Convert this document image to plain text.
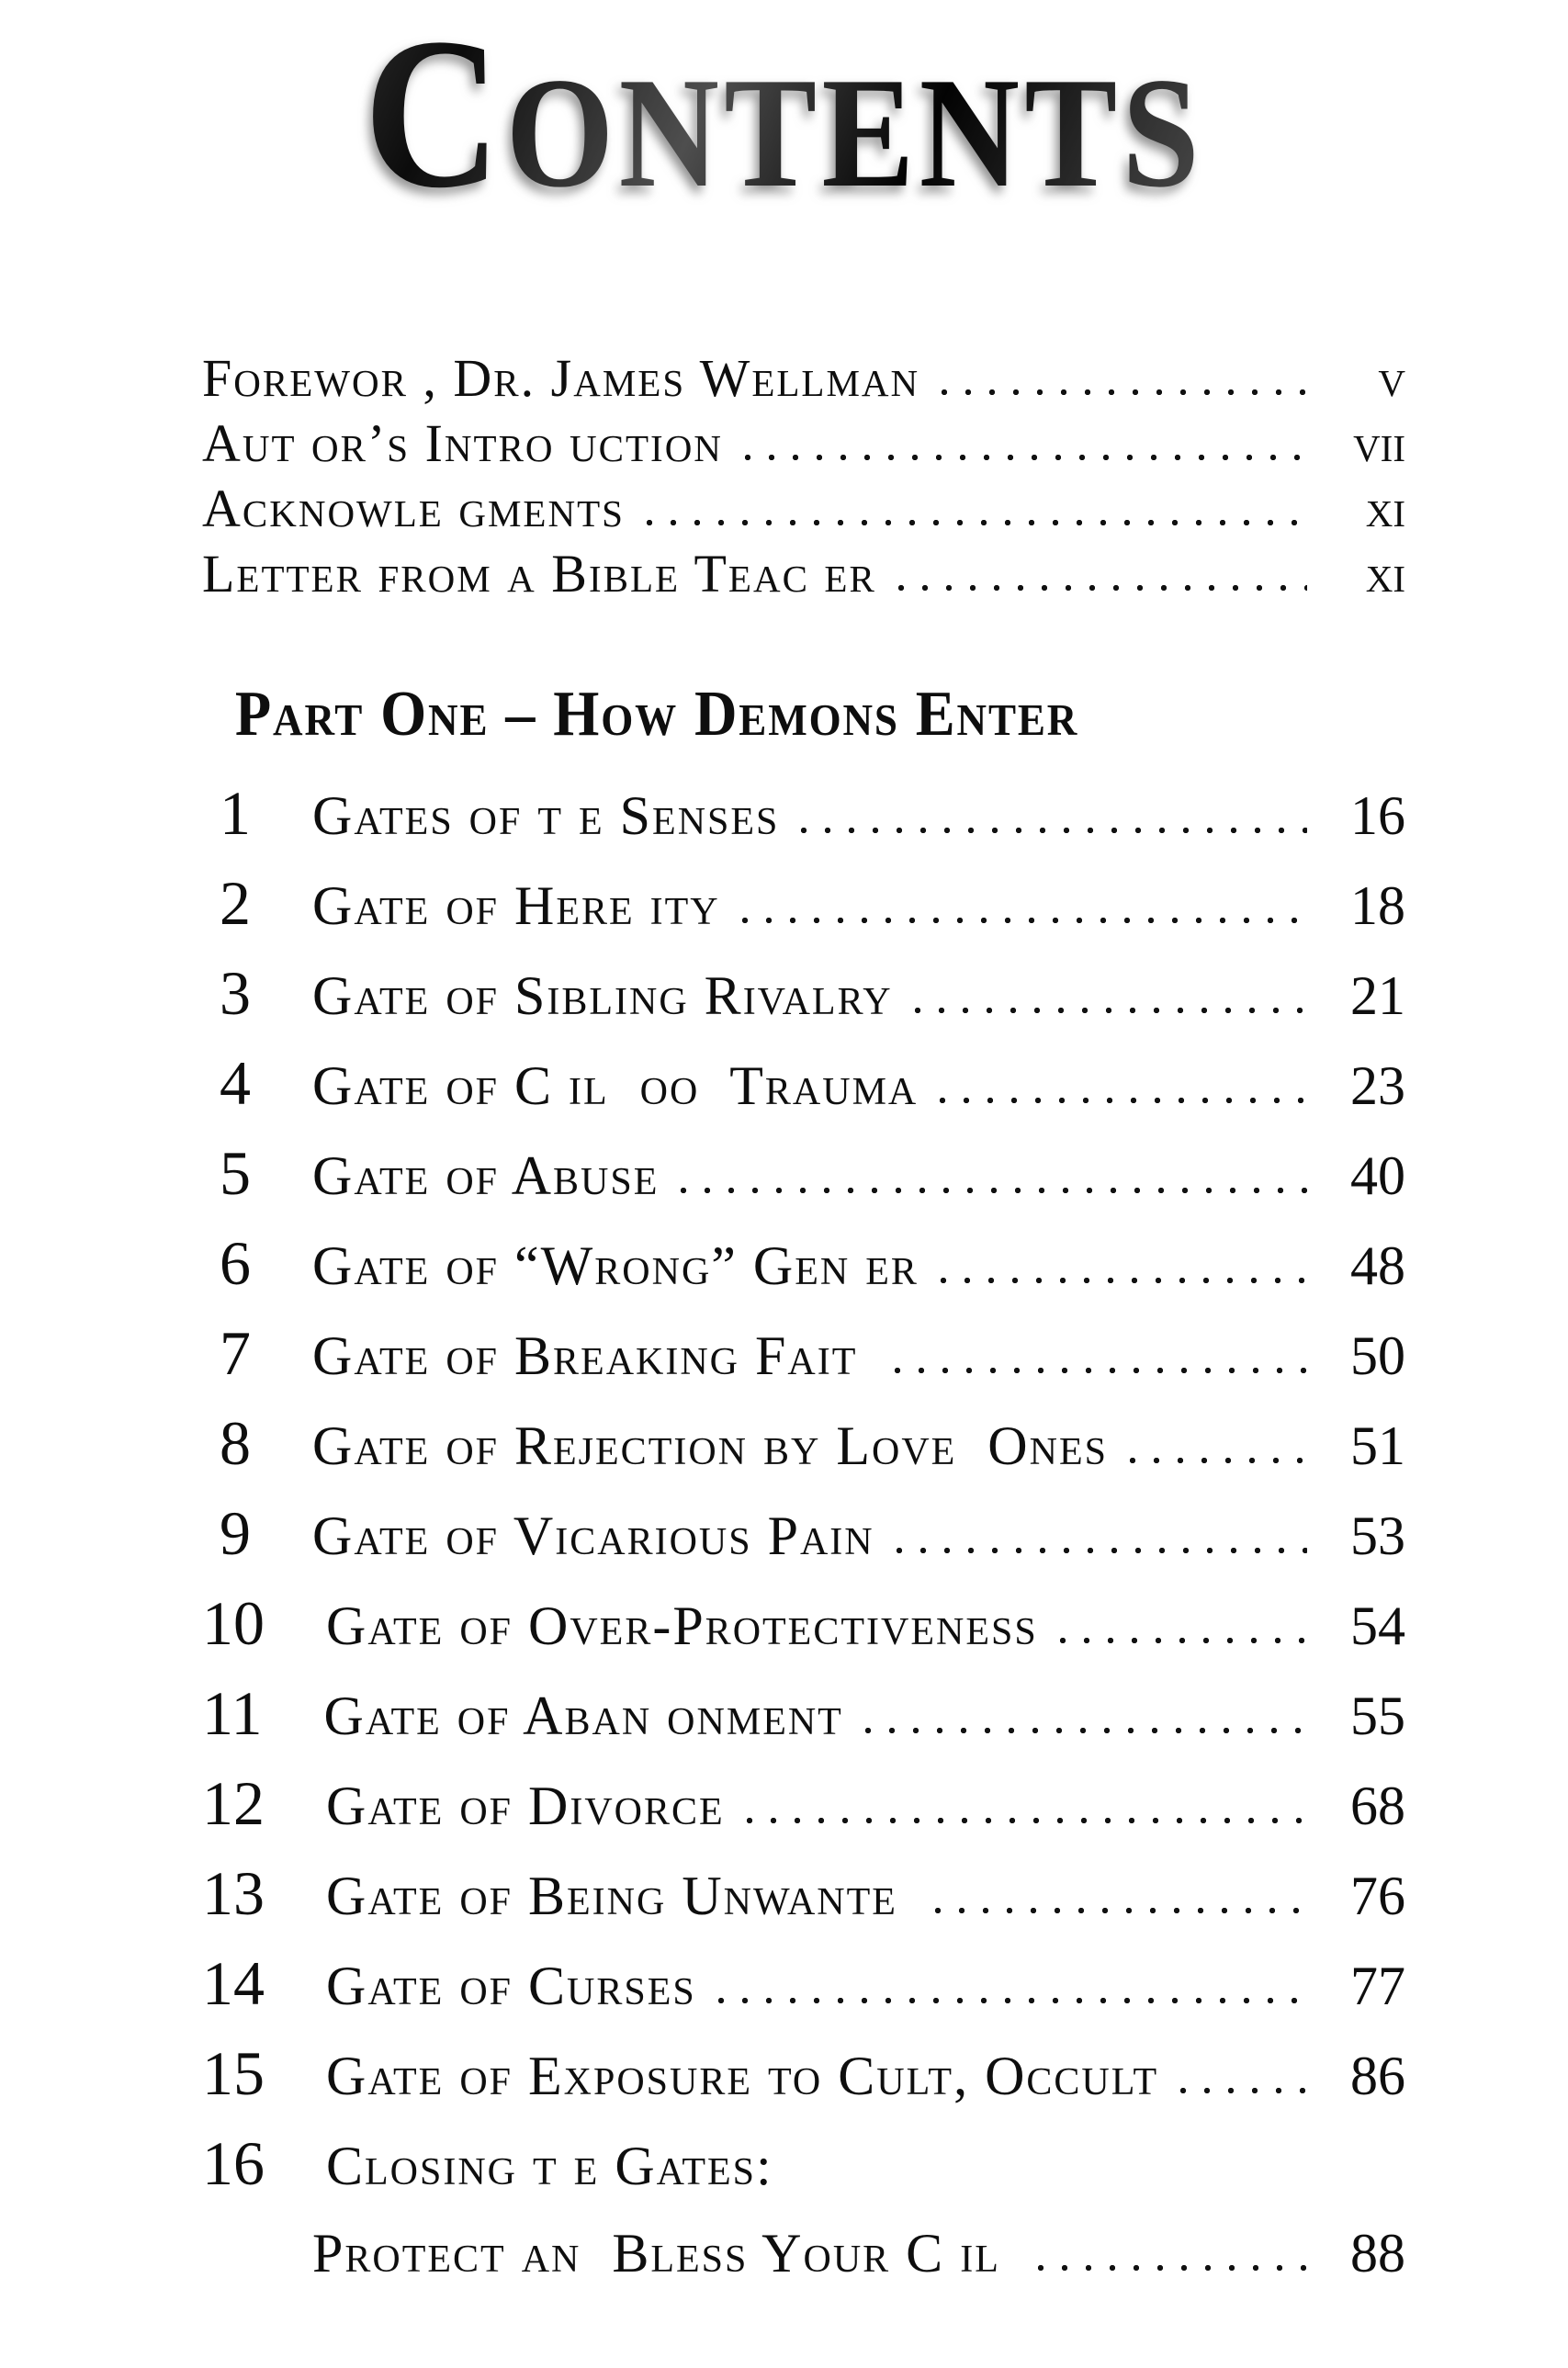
CONTENTS
Forewor , Dr. James Wellman	v
Aut or’s Intro uction	vii
Acknowle gments	xi
Letter from a Bible Teac er	xi
Part One – How Demons Enter
1 Gates of t e Senses	16
2 Gate of Here ity	18
3 Gate of Sibling Rivalry	21
4 Gate of C il  oo  Trauma	23
5 Gate of Abuse	40
6 Gate of “Wrong” Gen er	48
7 Gate of Breaking Fait	50
8 Gate of Rejection by Love  Ones	51
9 Gate of Vicarious Pain	53
10 Gate of Over-Protectiveness	54
11 Gate of Aban onment	55
12 Gate of Divorce	68
13 Gate of Being Unwante	76
14 Gate of Curses	77
15 Gate of Exposure to Cult, Occult	86
16 Closing t e Gates:
Protect an  Bless Your C il	88
